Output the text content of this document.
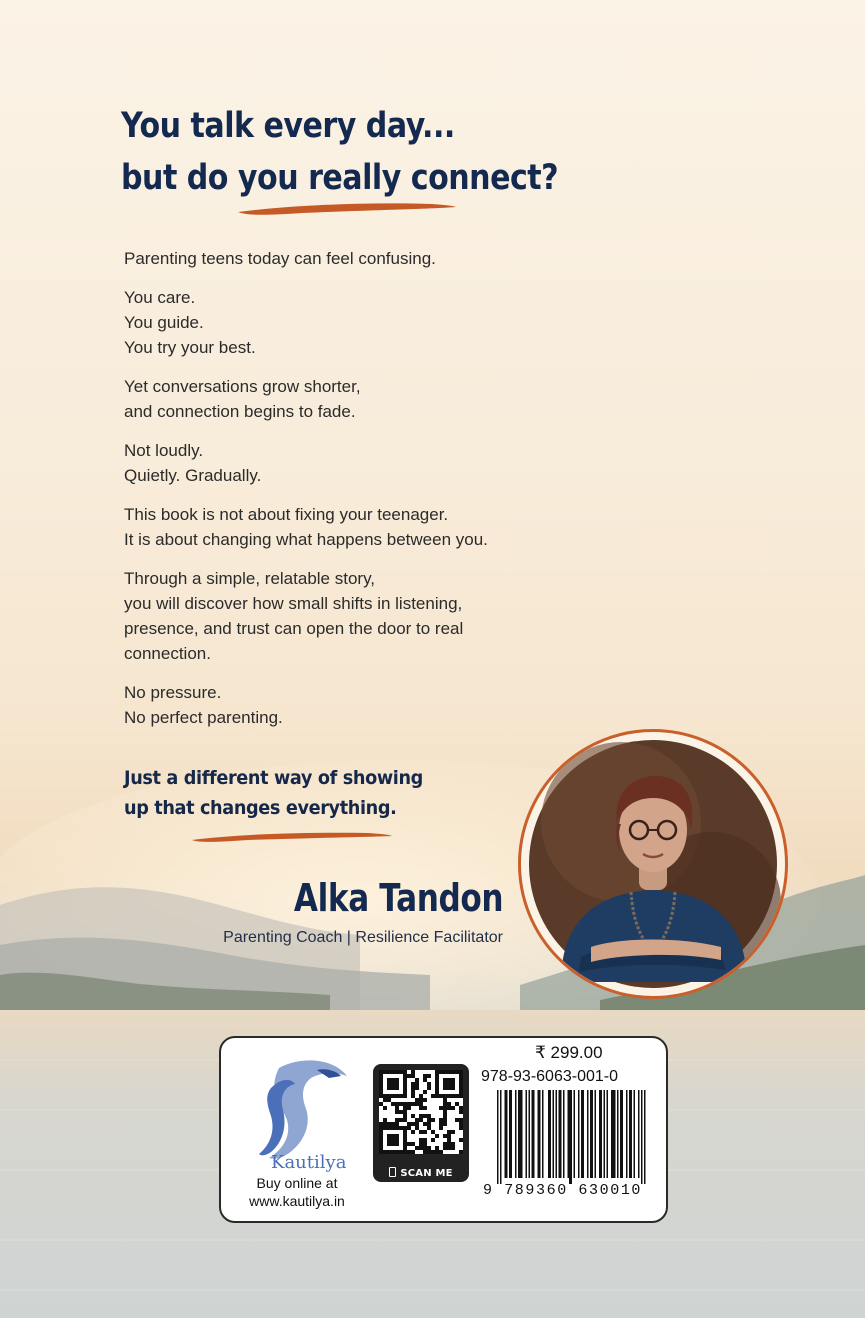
You talk every day...
but do you really connect?

Parenting teens today can feel confusing.

You care.
You guide.
You try your best.

Yet conversations grow shorter,
and connection begins to fade.

Not loudly.
Quietly. Gradually.

This book is not about fixing your teenager.
It is about changing what happens between you.

Through a simple, relatable story,
you will discover how small shifts in listening,
presence, and trust can open the door to real
connection.

No pressure.
No perfect parenting.

Just a different way of showing
up that changes everything.
Alka Tandon
Parenting Coach | Resilience Facilitator
Kautilya
Buy online at
www.kautilya.in
SCAN ME
₹ 299.00
978-93-6063-001-0
9 789360 630010
